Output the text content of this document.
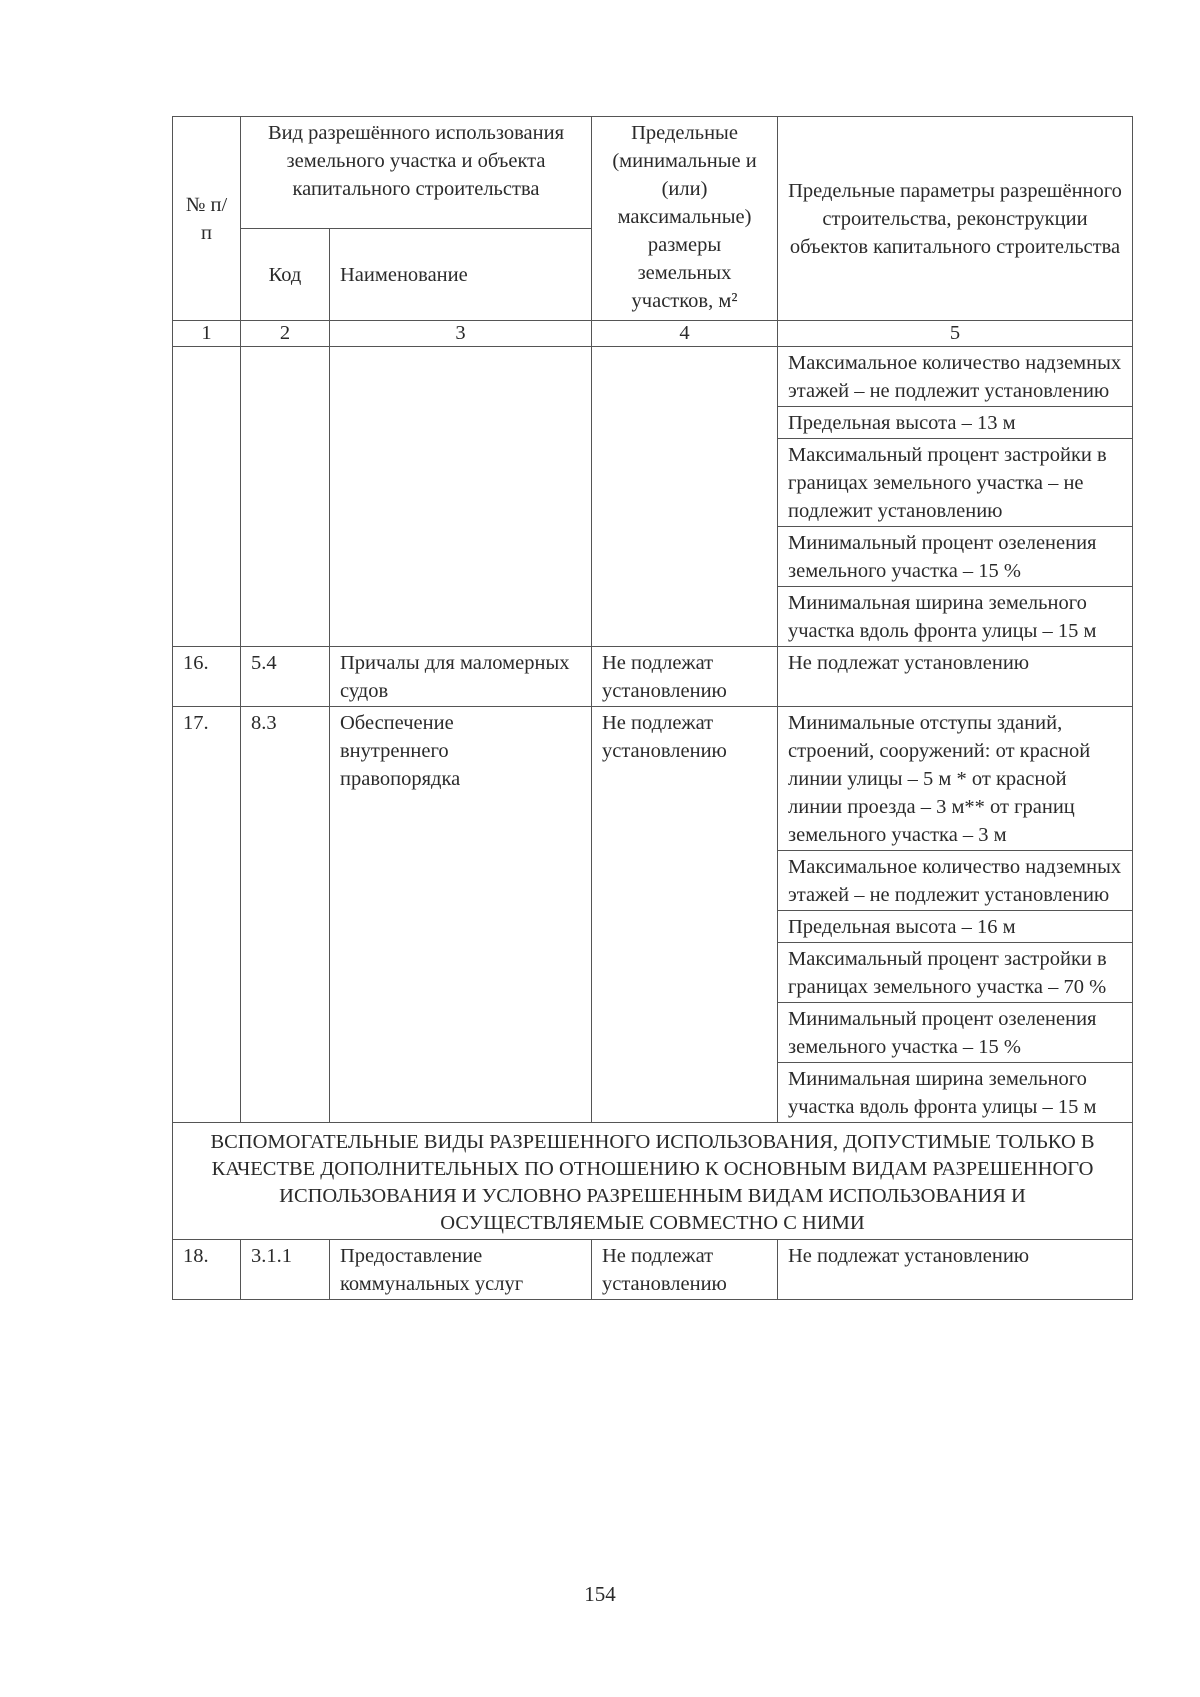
№ п/п	Вид разрешённого использования земельного участка и объекта капитального строительства		Предельные (минимальные и (или) максимальные) размеры земельных участков, м²	Предельные параметры разрешённого строительства, реконструкции объектов капитального строительства
	Код	Наименование		
1	2	3	4	5
				Максимальное количество надземных этажей – не подлежит установлению
				Предельная высота – 13 м
				Максимальный процент застройки в границах земельного участка – не подлежит установлению
				Минимальный процент озеленения земельного участка – 15 %
				Минимальная ширина земельного участка вдоль фронта улицы – 15 м
16.	5.4	Причалы для маломерных судов	Не подлежат установлению	Не подлежат установлению
17.	8.3	Обеспечение внутреннего правопорядка	Не подлежат установлению	Минимальные отступы зданий, строений, сооружений: от красной линии улицы – 5 м * от красной линии проезда – 3 м** от границ земельного участка – 3 м
				Максимальное количество надземных этажей – не подлежит установлению
				Предельная высота – 16 м
				Максимальный процент застройки в границах земельного участка – 70 %
				Минимальный процент озеленения земельного участка – 15 %
				Минимальная ширина земельного участка вдоль фронта улицы – 15 м
ВСПОМОГАТЕЛЬНЫЕ ВИДЫ РАЗРЕШЕННОГО ИСПОЛЬЗОВАНИЯ, ДОПУСТИМЫЕ ТОЛЬКО В КАЧЕСТВЕ ДОПОЛНИТЕЛЬНЫХ ПО ОТНОШЕНИЮ К ОСНОВНЫМ ВИДАМ РАЗРЕШЕННОГО ИСПОЛЬЗОВАНИЯ И УСЛОВНО РАЗРЕШЕННЫМ ВИДАМ ИСПОЛЬЗОВАНИЯ И ОСУЩЕСТВЛЯЕМЫЕ СОВМЕСТНО С НИМИ				
18.	3.1.1	Предоставление коммунальных услуг	Не подлежат установлению	Не подлежат установлению
154
